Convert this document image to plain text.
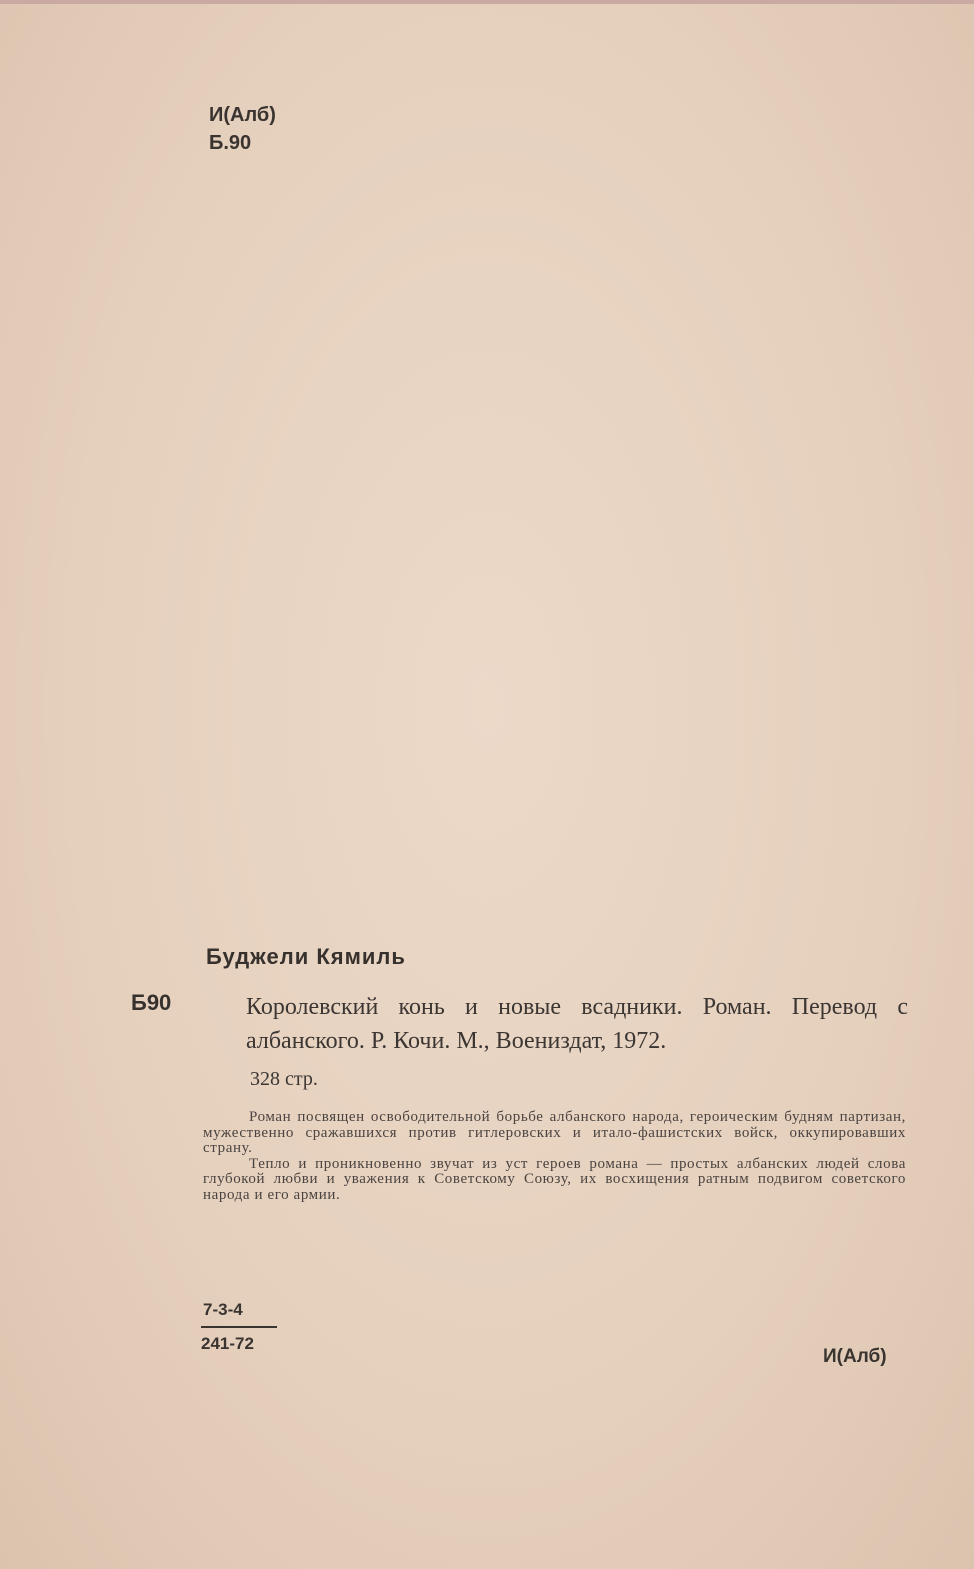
И(Алб)
Б.90
Буджели Кямиль
Б90	Королевский конь и новые всадники. Роман. Перевод с албанского. Р. Кочи. М., Воениздат, 1972.
328 стр.

Роман посвящен освободительной борьбе албанского народа, героическим будням партизан, мужественно сражавшихся против гитлеровских и итало-фашистских войск, оккупировавших страну.

Тепло и проникновенно звучат из уст героев романа — простых албанских людей слова глубокой любви и уважения к Советскому Союзу, их восхищения ратным подвигом советского народа и его армии.

7-3-4
241-72
И(Алб)
